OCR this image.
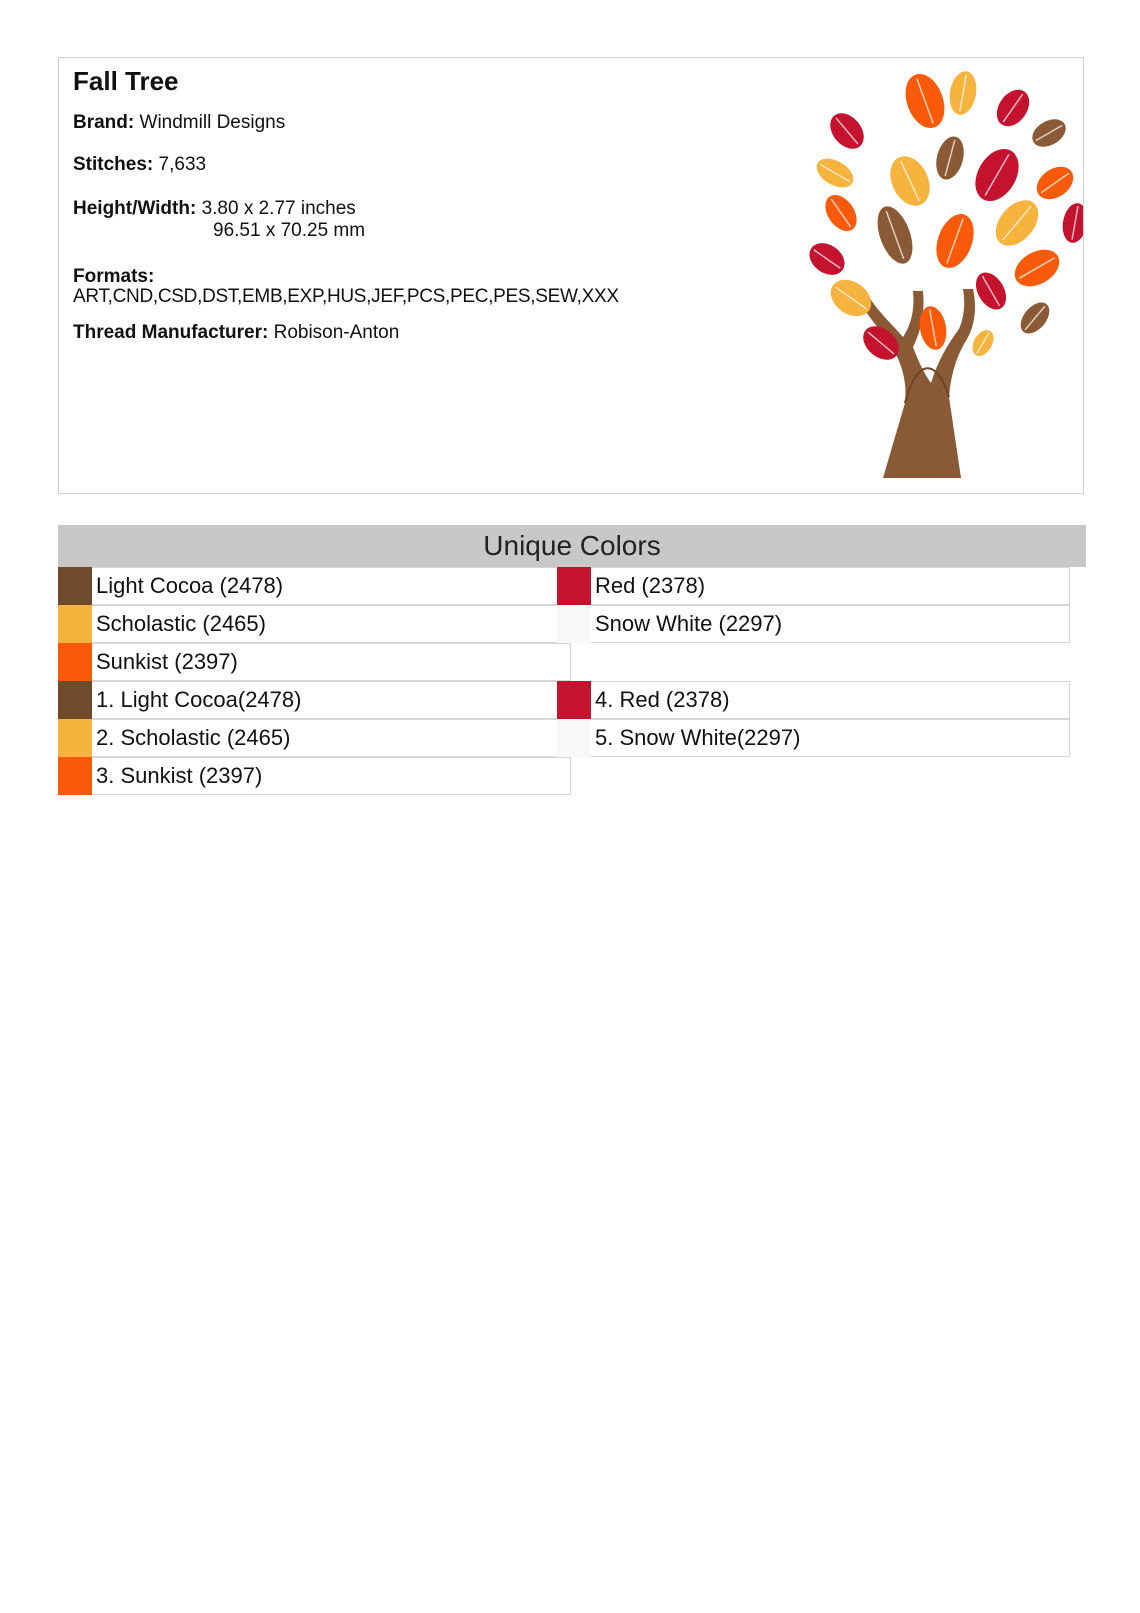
Fall Tree
Brand: Windmill Designs
Stitches: 7,633
Height/Width: 3.80 x 2.77 inches
96.51 x 70.25 mm
Formats:
ART,CND,CSD,DST,EMB,EXP,HUS,JEF,PCS,PEC,PES,SEW,XXX
Thread Manufacturer: Robison-Anton
Unique Colors
Light Cocoa (2478)
Scholastic (2465)
Sunkist (2397)
Red (2378)
Snow White (2297)
1. Light Cocoa(2478)
2. Scholastic (2465)
3. Sunkist (2397)
4. Red (2378)
5. Snow White(2297)
